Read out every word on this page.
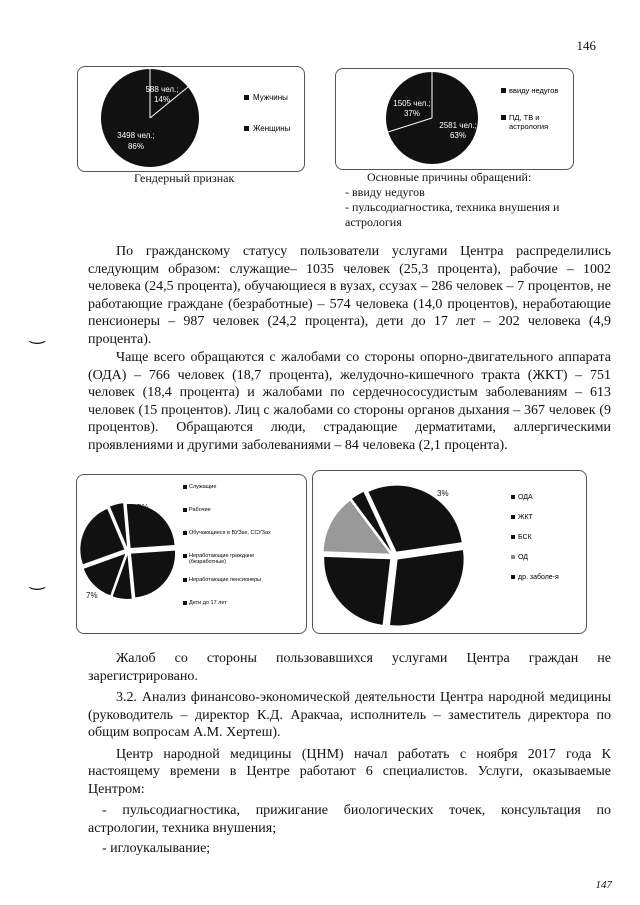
146
588 чел.;
14%
3498 чел.;
86%
Мужчины
Женщины
Гендерный признак
1505 чел.;
37%
2581 чел.;
63%
ввиду недугов
ПД, ТВ и астрология
Основные причины обращений:
- ввиду недугов
- пульсодиагностика, техника внушения и
астрология

По гражданскому статусу пользователи услугами Центра распределились следующим образом: служащие– 1035 человек (25,3 процента), рабочие – 1002 человека (24,5 процента), обучающиеся в вузах, ссузах – 286 человек – 7 процентов, не работающие граждане (безработные) – 574 человека (14,0 процентов), неработающие пенсионеры – 987 человек (24,2 процента), дети до 17 лет – 202 человека (4,9 процента).

Чаще всего обращаются с жалобами со стороны опорно-двигательного аппарата (ОДА) – 766 человек (18,7 процента), желудочно-кишечного тракта (ЖКТ) – 751 человек (18,4 процента) и жалобами по сердечнососудистым заболеваниям – 613 человек (15 процентов). Лиц с жалобами со стороны органов дыхания – 367 человек (9 процентов). Обращаются люди, страдающие дерматитами, аллергическими проявлениями и другими заболеваниями – 84 человека (2,1 процента).

‿
Служащие
Рабочие
Обучающиеся в ВУЗах, ССУЗах
Неработающие граждане (безработные)
Неработающие пенсионеры
Дети до 17 лет
5%
7%
‿
ОДА
ЖКТ
БСК
ОД
др. заболе-я
3%

Жалоб со стороны пользовавшихся услугами Центра граждан не зарегистрировано.

3.2. Анализ финансово-экономической деятельности Центра народной медицины (руководитель – директор К.Д. Аракчаа, исполнитель – заместитель директора по общим вопросам А.М. Хертеш).

Центр народной медицины (ЦНМ) начал работать с ноября 2017 года К настоящему времени в Центре работают 6 специалистов. Услуги, оказываемые Центром:

- пульсодиагностика, прижигание биологических точек, консультация по астрологии, техника внушения;

- иглоукалывание;

147
